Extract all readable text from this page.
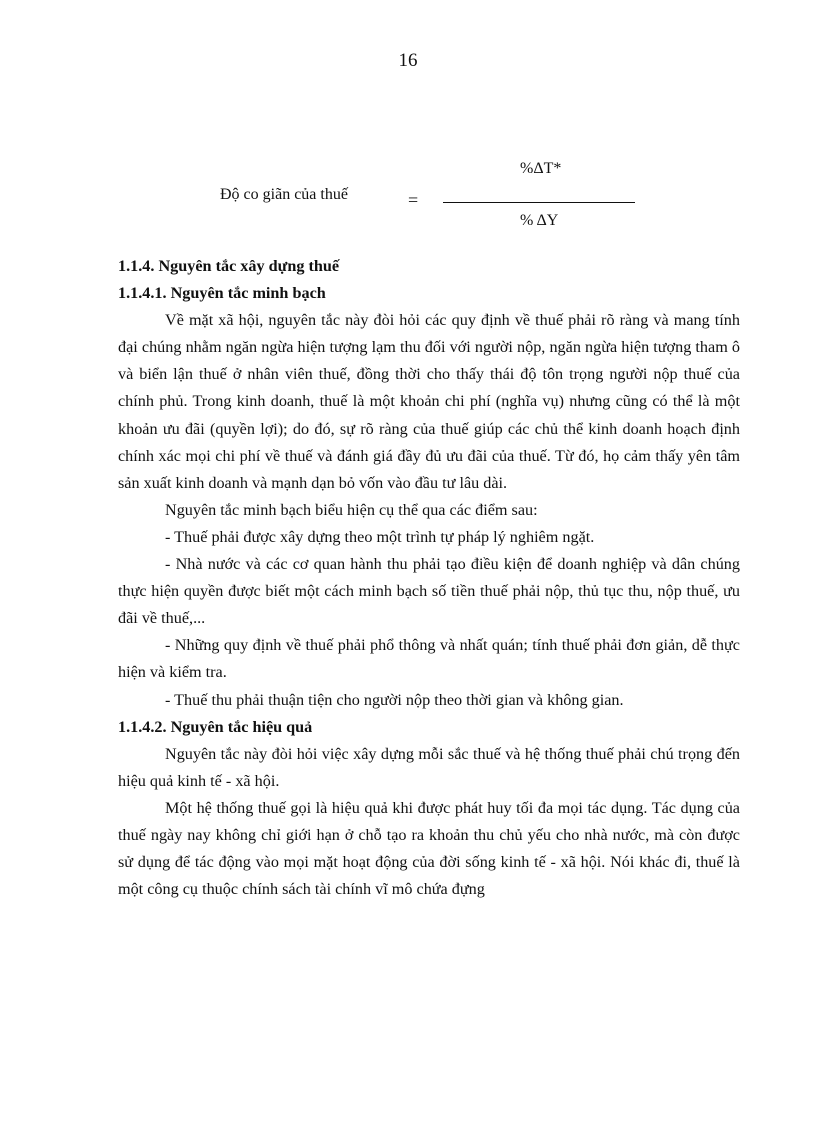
16
Độ co giãn của thuế	=
%ΔT*
% ΔY
1.1.4. Nguyên tắc xây dựng thuế
1.1.4.1. Nguyên tắc minh bạch

Về mặt xã hội, nguyên tắc này đòi hỏi các quy định về thuế phải rõ ràng và mang tính đại chúng nhằm ngăn ngừa hiện tượng lạm thu đối với người nộp, ngăn ngừa hiện tượng tham ô và biển lận thuế ở nhân viên thuế, đồng thời cho thấy thái độ tôn trọng người nộp thuế của chính phủ. Trong kinh doanh, thuế là một khoản chi phí (nghĩa vụ) nhưng cũng có thể là một khoản ưu đãi (quyền lợi); do đó, sự rõ ràng của thuế giúp các chủ thể kinh doanh hoạch định chính xác mọi chi phí về thuế và đánh giá đầy đủ ưu đãi của thuế. Từ đó, họ cảm thấy yên tâm sản xuất kinh doanh và mạnh dạn bỏ vốn vào đầu tư lâu dài.

Nguyên tắc minh bạch biểu hiện cụ thể qua các điểm sau:

- Thuế phải được xây dựng theo một trình tự pháp lý nghiêm ngặt.

- Nhà nước và các cơ quan hành thu phải tạo điều kiện để doanh nghiệp và dân chúng thực hiện quyền được biết một cách minh bạch số tiền thuế phải nộp, thủ tục thu, nộp thuế, ưu đãi về thuế,...

- Những quy định về thuế phải phổ thông và nhất quán; tính thuế phải đơn giản, dễ thực hiện và kiểm tra.

- Thuế thu phải thuận tiện cho người nộp theo thời gian và không gian.

1.1.4.2. Nguyên tắc hiệu quả

Nguyên tắc này đòi hỏi việc xây dựng mỗi sắc thuế và hệ thống thuế phải chú trọng đến hiệu quả kinh tế - xã hội.

Một hệ thống thuế gọi là hiệu quả khi được phát huy tối đa mọi tác dụng. Tác dụng của thuế ngày nay không chỉ giới hạn ở chỗ tạo ra khoản thu chủ yếu cho nhà nước, mà còn được sử dụng để tác động vào mọi mặt hoạt động của đời sống kinh tế - xã hội. Nói khác đi, thuế là một công cụ thuộc chính sách tài chính vĩ mô chứa đựng
